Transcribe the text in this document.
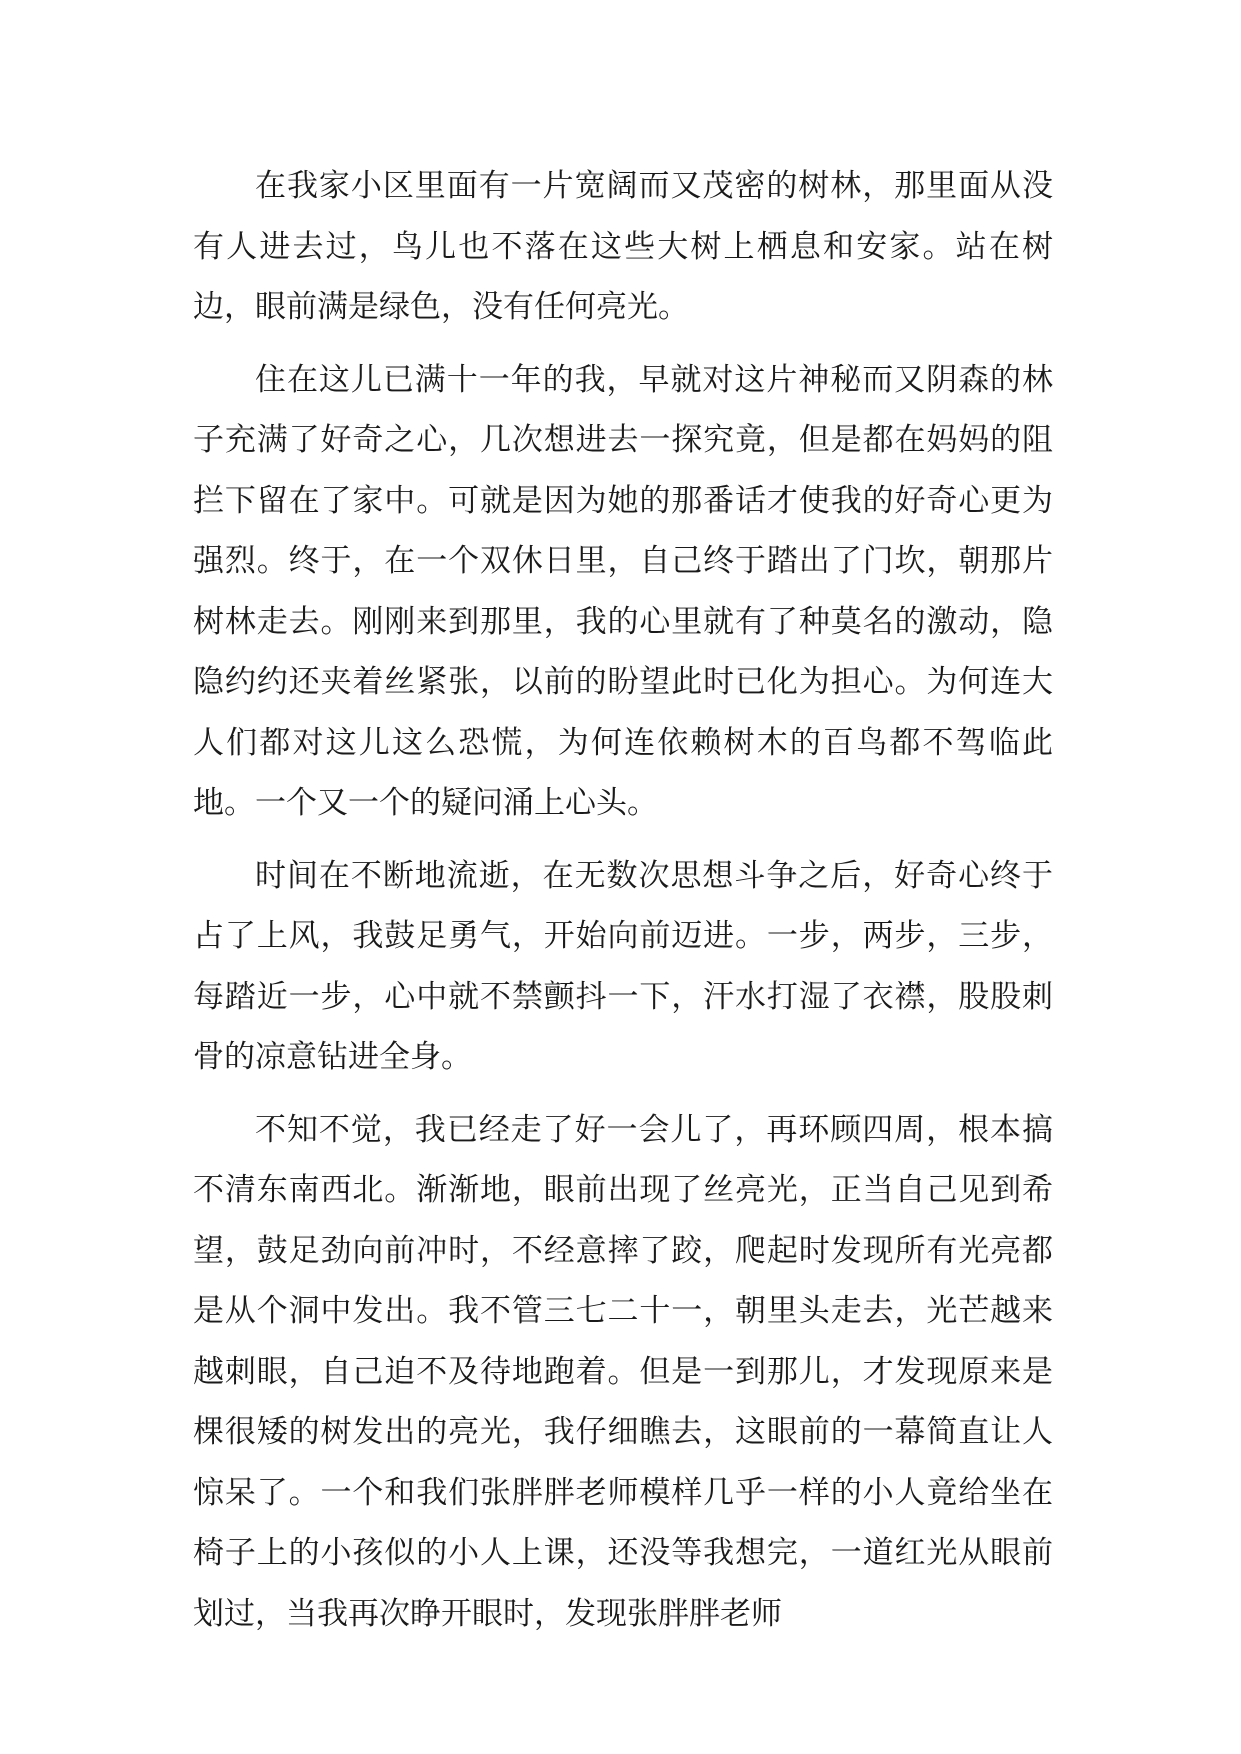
在我家小区里面有一片宽阔而又茂密的树林，那里面从没有人进去过，鸟儿也不落在这些大树上栖息和安家。站在树边，眼前满是绿色，没有任何亮光。

住在这儿已满十一年的我，早就对这片神秘而又阴森的林子充满了好奇之心，几次想进去一探究竟，但是都在妈妈的阻拦下留在了家中。可就是因为她的那番话才使我的好奇心更为强烈。终于，在一个双休日里，自己终于踏出了门坎，朝那片树林走去。刚刚来到那里，我的心里就有了种莫名的激动，隐隐约约还夹着丝紧张，以前的盼望此时已化为担心。为何连大人们都对这儿这么恐慌，为何连依赖树木的百鸟都不驾临此地。一个又一个的疑问涌上心头。

时间在不断地流逝，在无数次思想斗争之后，好奇心终于占了上风，我鼓足勇气，开始向前迈进。一步，两步，三步，每踏近一步，心中就不禁颤抖一下，汗水打湿了衣襟，股股刺骨的凉意钻进全身。

不知不觉，我已经走了好一会儿了，再环顾四周，根本搞不清东南西北。渐渐地，眼前出现了丝亮光，正当自己见到希望，鼓足劲向前冲时，不经意摔了跤，爬起时发现所有光亮都是从个洞中发出。我不管三七二十一，朝里头走去，光芒越来越刺眼，自己迫不及待地跑着。但是一到那儿，才发现原来是棵很矮的树发出的亮光，我仔细瞧去，这眼前的一幕简直让人惊呆了。一个和我们张胖胖老师模样几乎一样的小人竟给坐在椅子上的小孩似的小人上课，还没等我想完，一道红光从眼前划过，当我再次睁开眼时，发现张胖胖老师
